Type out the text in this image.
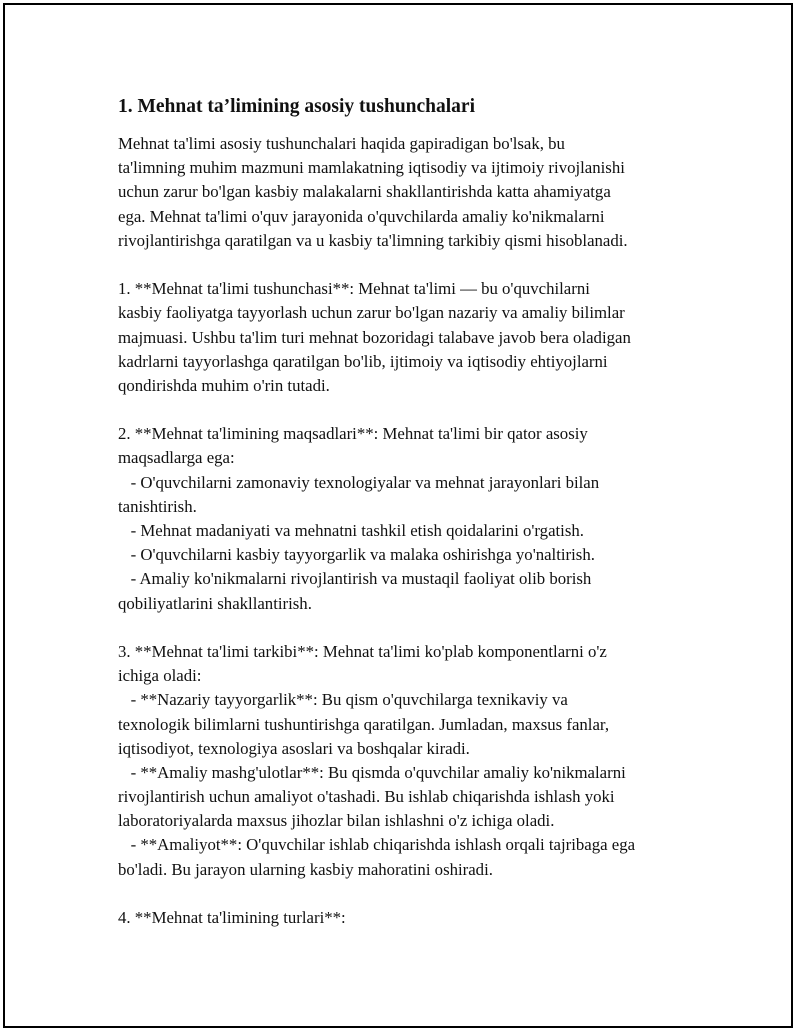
1. Mehnat ta’limining asosiy tushunchalari
Mehnat ta'limi asosiy tushunchalari haqida gapiradigan bo'lsak, bu
ta'limning muhim mazmuni mamlakatning iqtisodiy va ijtimoiy rivojlanishi
uchun zarur bo'lgan kasbiy malakalarni shakllantirishda katta ahamiyatga
ega. Mehnat ta'limi o'quv jarayonida o'quvchilarda amaliy ko'nikmalarni
rivojlantirishga qaratilgan va u kasbiy ta'limning tarkibiy qismi hisoblanadi.
1. **Mehnat ta'limi tushunchasi**: Mehnat ta'limi — bu o'quvchilarni
kasbiy faoliyatga tayyorlash uchun zarur bo'lgan nazariy va amaliy bilimlar
majmuasi. Ushbu ta'lim turi mehnat bozoridagi talabave javob bera oladigan
kadrlarni tayyorlashga qaratilgan bo'lib, ijtimoiy va iqtisodiy ehtiyojlarni
qondirishda muhim o'rin tutadi.
2. **Mehnat ta'limining maqsadlari**: Mehnat ta'limi bir qator asosiy
maqsadlarga ega:
- O'quvchilarni zamonaviy texnologiyalar va mehnat jarayonlari bilan
tanishtirish.
- Mehnat madaniyati va mehnatni tashkil etish qoidalarini o'rgatish.
- O'quvchilarni kasbiy tayyorgarlik va malaka oshirishga yo'naltirish.
- Amaliy ko'nikmalarni rivojlantirish va mustaqil faoliyat olib borish
qobiliyatlarini shakllantirish.
3. **Mehnat ta'limi tarkibi**: Mehnat ta'limi ko'plab komponentlarni o'z
ichiga oladi:
- **Nazariy tayyorgarlik**: Bu qism o'quvchilarga texnikaviy va
texnologik bilimlarni tushuntirishga qaratilgan. Jumladan, maxsus fanlar,
iqtisodiyot, texnologiya asoslari va boshqalar kiradi.
- **Amaliy mashg'ulotlar**: Bu qismda o'quvchilar amaliy ko'nikmalarni
rivojlantirish uchun amaliyot o'tashadi. Bu ishlab chiqarishda ishlash yoki
laboratoriyalarda maxsus jihozlar bilan ishlashni o'z ichiga oladi.
- **Amaliyot**: O'quvchilar ishlab chiqarishda ishlash orqali tajribaga ega
bo'ladi. Bu jarayon ularning kasbiy mahoratini oshiradi.
4. **Mehnat ta'limining turlari**:
